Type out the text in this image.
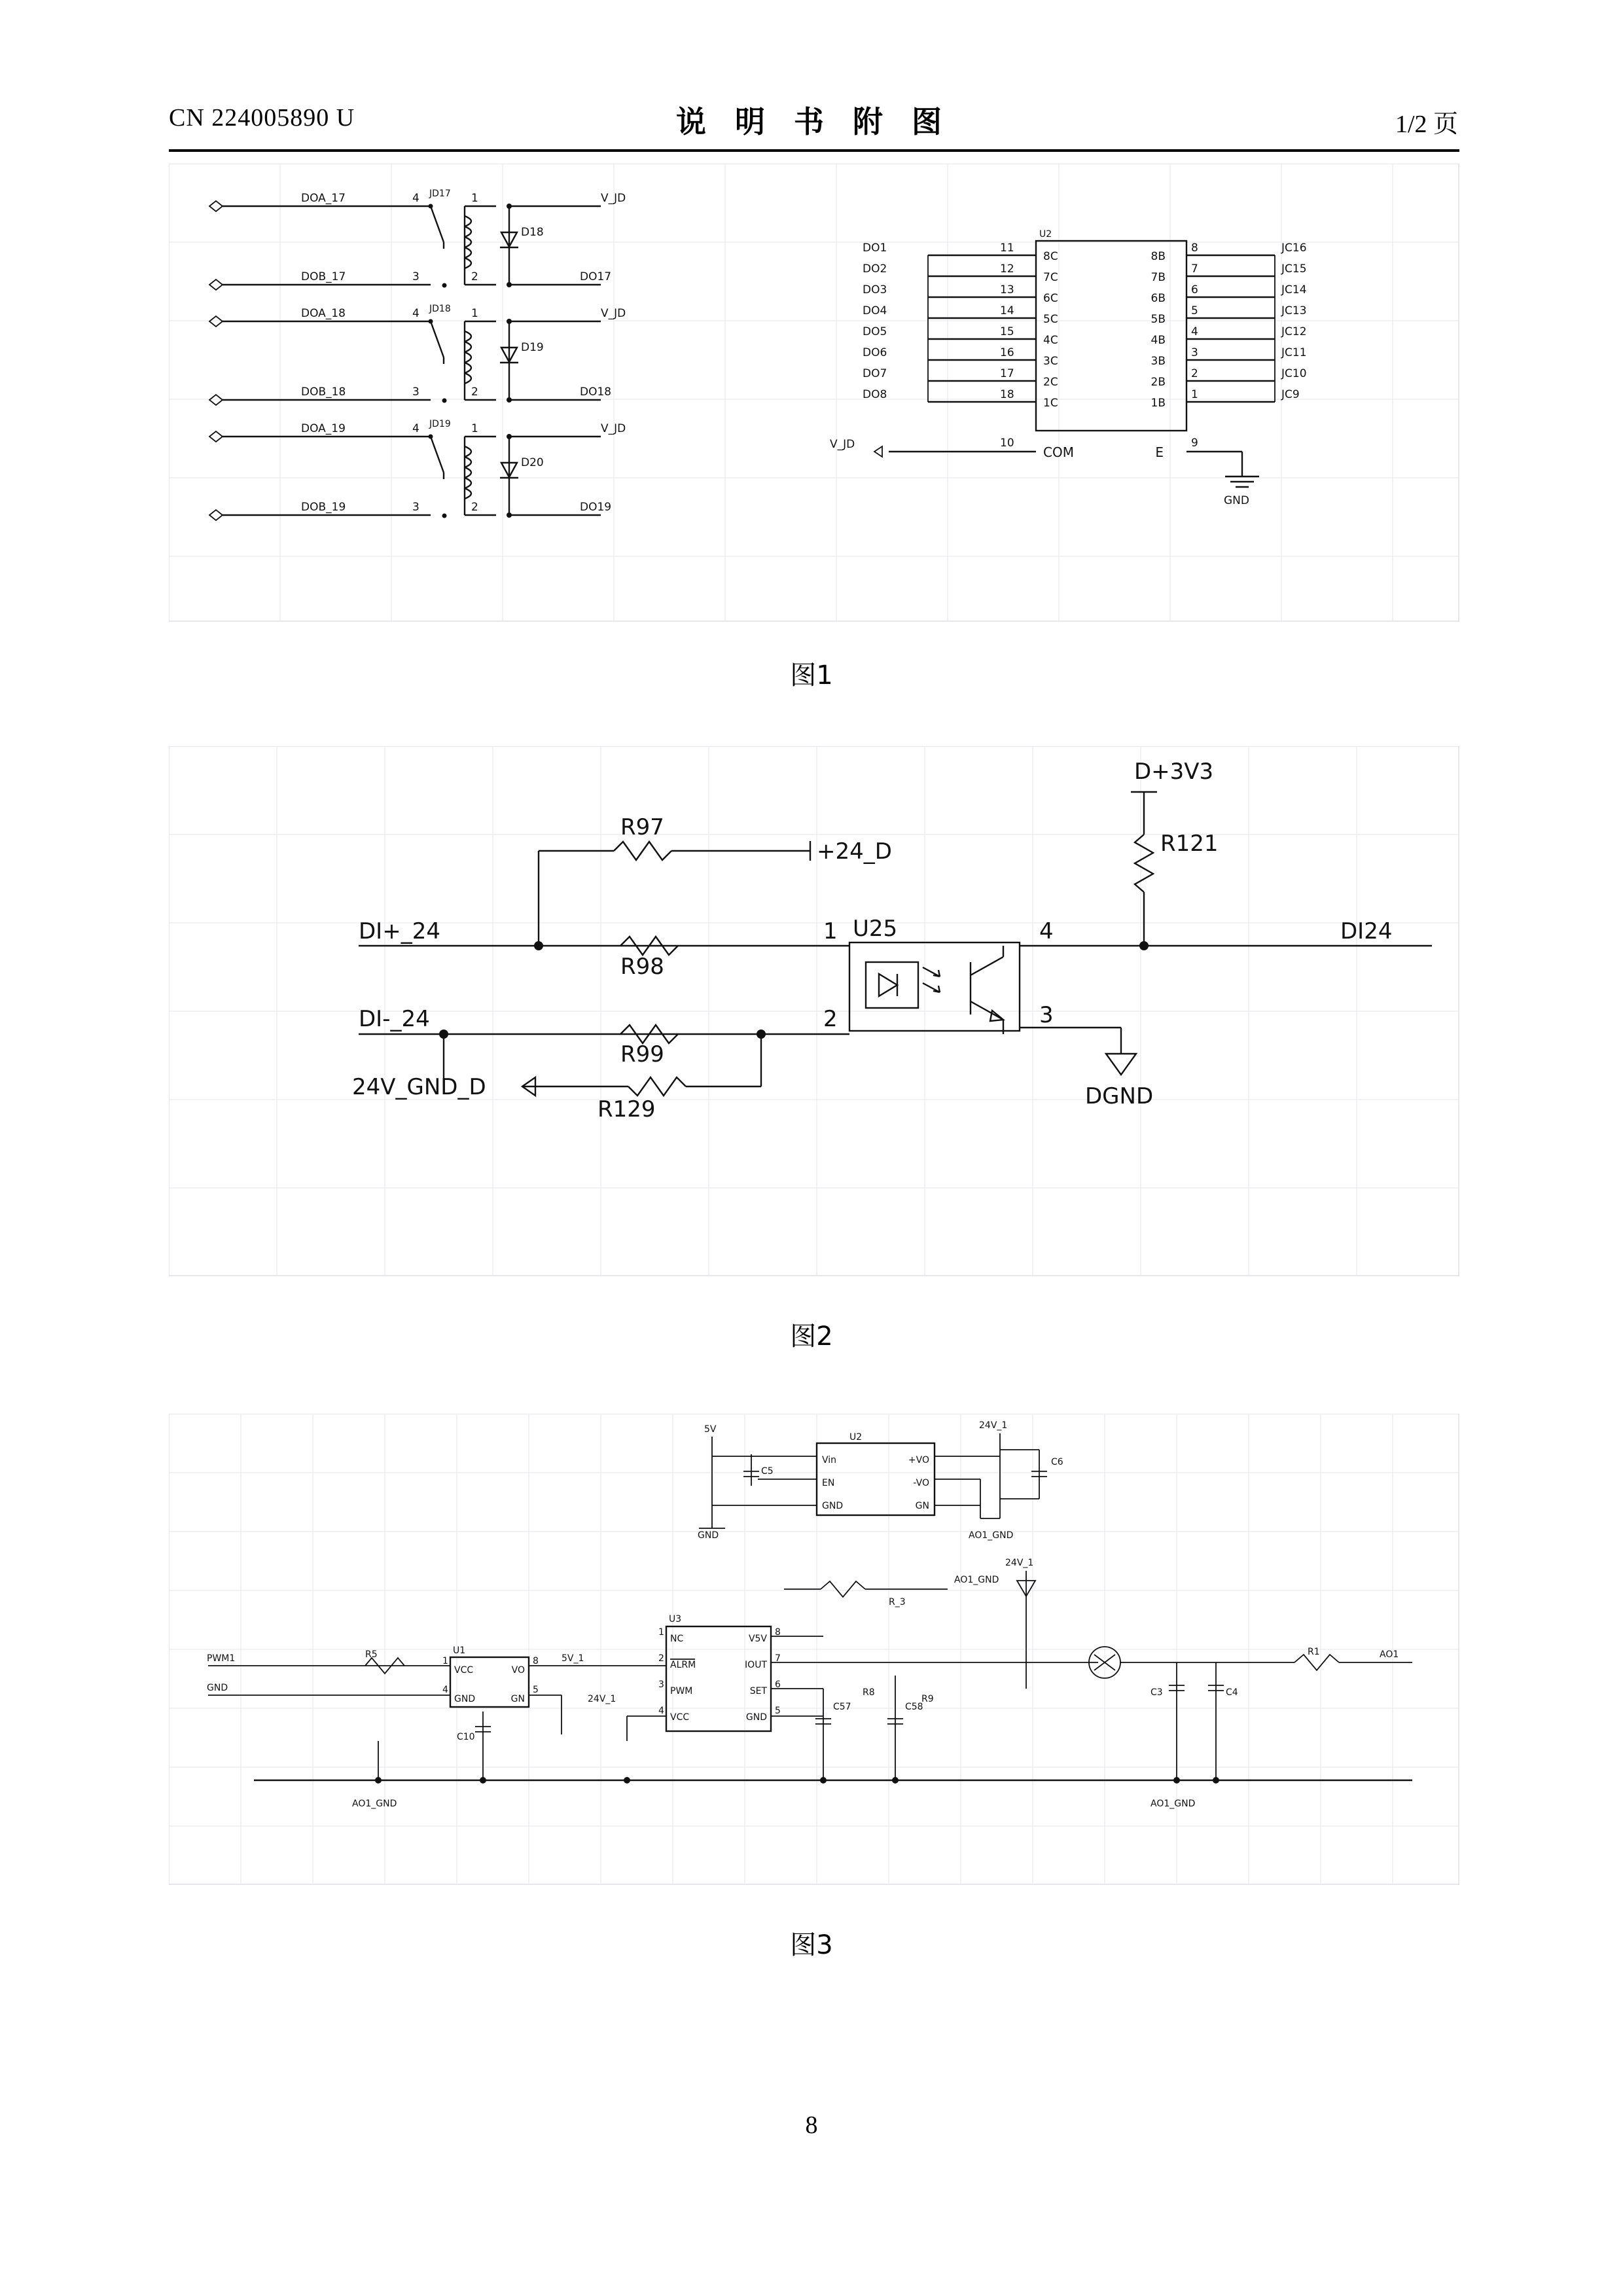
CN 224005890 U	说 明 书 附 图	1/2 页
DOA_17
DOB_17
4
3
JD17 1
2
D18
V_JD
DO17
DOA_18
DOB_18
4
3
JD18 1
2
D19
V_JD
DO18
DOA_19
DOB_19
4
3
JD19 1
2
D20
V_JD
DO19
U2
DO1	11
8C
DO2	12
7C
DO3	13
6C
DO4	14
5C
DO5	15
4C
DO6	16
3C
DO7	17
2C
DO8	18
1C
8B
8	JC16
7B
7	JC15
6B
6	JC14
5B
5	JC13
4B
4	JC12
3B
3	JC11
2B
2	JC10
1B
1	JC9
V_JD	10
COM	E
9
GND
图1
D+3V3
R121
+24_D
R97
DI+_24
R98
1 U25	4	DI24
3
DGND
DI-_24	2
R99
R129
24V_GND_D
图2
U2
Vin	+VO
EN	-VO
GND	GN
5V
GND
C5
24V_1
AO1_GND
C6
24V_1
AO1_GND
R_3
PWM1
GND
R5	U1
VCC	VO
GND	GN
1
4
8
5
5V_1
24V_1
C10
U3
NC	V5V
ALRM	IOUT
PWM	SET
VCC	GND
1
2
3
4
8
7
6
5	C57	C58
R8
R9
R1	AO1
C3	C4
AO1_GND	AO1_GND
图3
8
